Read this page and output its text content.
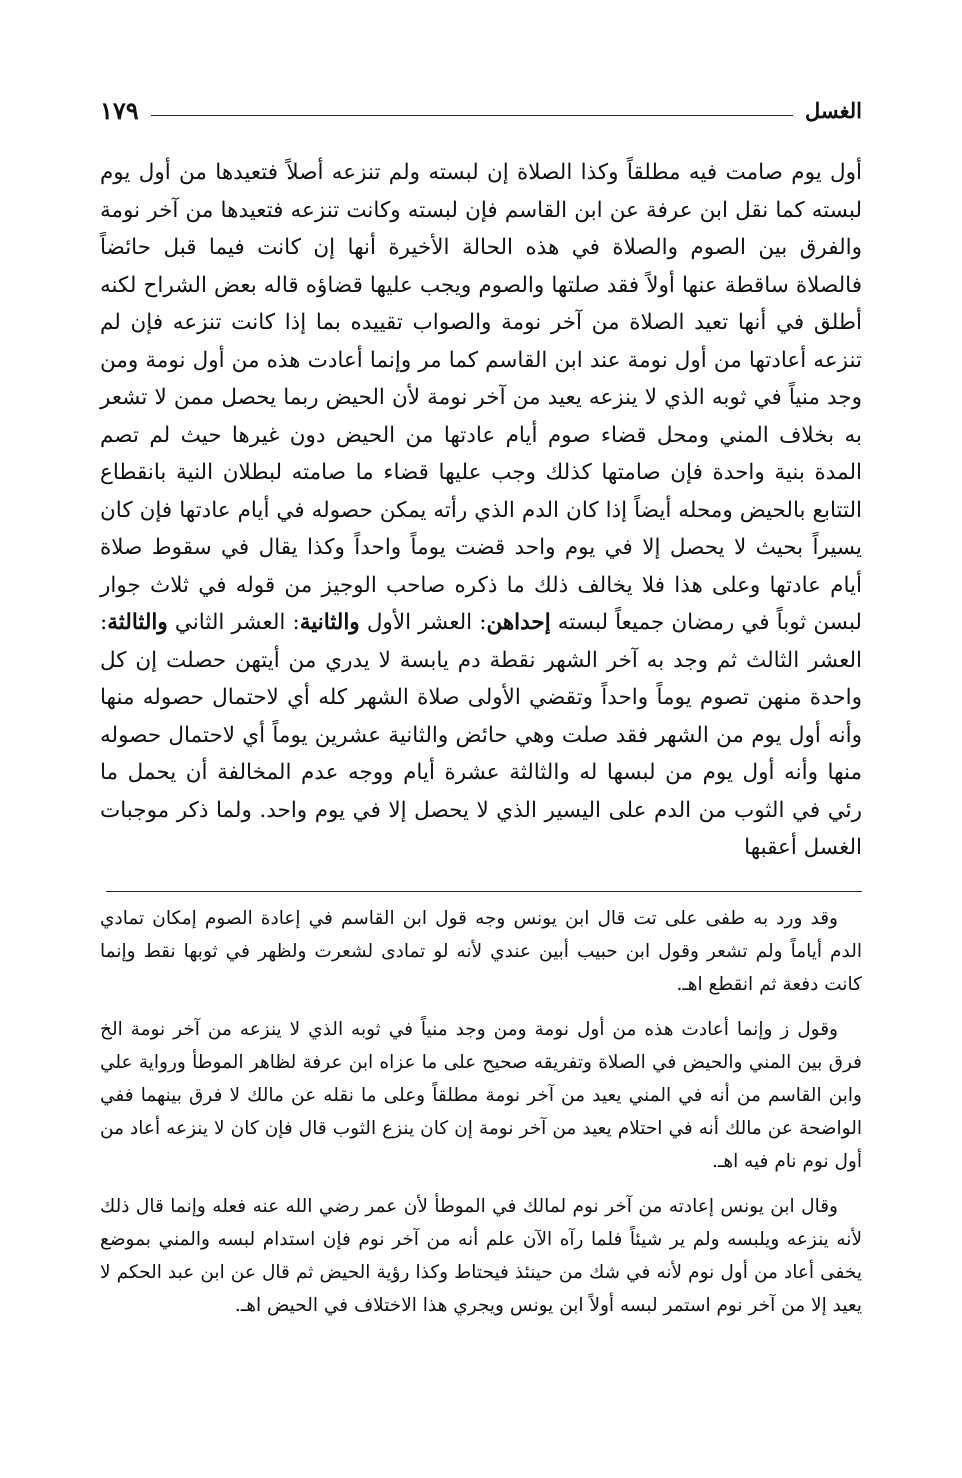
الغسل
١٧٩

أول يوم صامت فيه مطلقاً وكذا الصلاة إن لبسته ولم تنزعه أصلاً فتعيدها من أول يوم لبسته كما نقل ابن عرفة عن ابن القاسم فإن لبسته وكانت تنزعه فتعيدها من آخر نومة والفرق بين الصوم والصلاة في هذه الحالة الأخيرة أنها إن كانت فيما قبل حائضاً فالصلاة ساقطة عنها أولاً فقد صلتها والصوم ويجب عليها قضاؤه قاله بعض الشراح لكنه أطلق في أنها تعيد الصلاة من آخر نومة والصواب تقييده بما إذا كانت تنزعه فإن لم تنزعه أعادتها من أول نومة عند ابن القاسم كما مر وإنما أعادت هذه من أول نومة ومن وجد منياً في ثوبه الذي لا ينزعه يعيد من آخر نومة لأن الحيض ربما يحصل ممن لا تشعر به بخلاف المني ومحل قضاء صوم أيام عادتها من الحيض دون غيرها حيث لم تصم المدة بنية واحدة فإن صامتها كذلك وجب عليها قضاء ما صامته لبطلان النية بانقطاع التتابع بالحيض ومحله أيضاً إذا كان الدم الذي رأته يمكن حصوله في أيام عادتها فإن كان يسيراً بحيث لا يحصل إلا في يوم واحد قضت يوماً واحداً وكذا يقال في سقوط صلاة أيام عادتها وعلى هذا فلا يخالف ذلك ما ذكره صاحب الوجيز من قوله في ثلاث جوار لبسن ثوباً في رمضان جميعاً لبسته إحداهن: العشر الأول والثانية: العشر الثاني والثالثة: العشر الثالث ثم وجد به آخر الشهر نقطة دم يابسة لا يدري من أيتهن حصلت إن كل واحدة منهن تصوم يوماً واحداً وتقضي الأولى صلاة الشهر كله أي لاحتمال حصوله منها وأنه أول يوم من الشهر فقد صلت وهي حائض والثانية عشرين يوماً أي لاحتمال حصوله منها وأنه أول يوم من لبسها له والثالثة عشرة أيام ووجه عدم المخالفة أن يحمل ما رئي في الثوب من الدم على اليسير الذي لا يحصل إلا في يوم واحد. ولما ذكر موجبات الغسل أعقبها

وقد ورد به طفى على تت قال ابن يونس وجه قول ابن القاسم في إعادة الصوم إمكان تمادي الدم أياماً ولم تشعر وقول ابن حبيب أبين عندي لأنه لو تمادى لشعرت ولظهر في ثوبها نقط وإنما كانت دفعة ثم انقطع اهـ.

وقول ز وإنما أعادت هذه من أول نومة ومن وجد منياً في ثوبه الذي لا ينزعه من آخر نومة الخ فرق بين المني والحيض في الصلاة وتفريقه صحيح على ما عزاه ابن عرفة لظاهر الموطأ ورواية علي وابن القاسم من أنه في المني يعيد من آخر نومة مطلقاً وعلى ما نقله عن مالك لا فرق بينهما ففي الواضحة عن مالك أنه في احتلام يعيد من آخر نومة إن كان ينزع الثوب قال فإن كان لا ينزعه أعاد من أول نوم نام فيه اهـ.

وقال ابن يونس إعادته من آخر نوم لمالك في الموطأ لأن عمر رضي الله عنه فعله وإنما قال ذلك لأنه ينزعه ويلبسه ولم ير شيئاً فلما رآه الآن علم أنه من آخر نوم فإن استدام لبسه والمني بموضع يخفى أعاد من أول نوم لأنه في شك من حينئذ فيحتاط وكذا رؤية الحيض ثم قال عن ابن عبد الحكم لا يعيد إلا من آخر نوم استمر لبسه أولاً ابن يونس ويجري هذا الاختلاف في الحيض اهـ.
